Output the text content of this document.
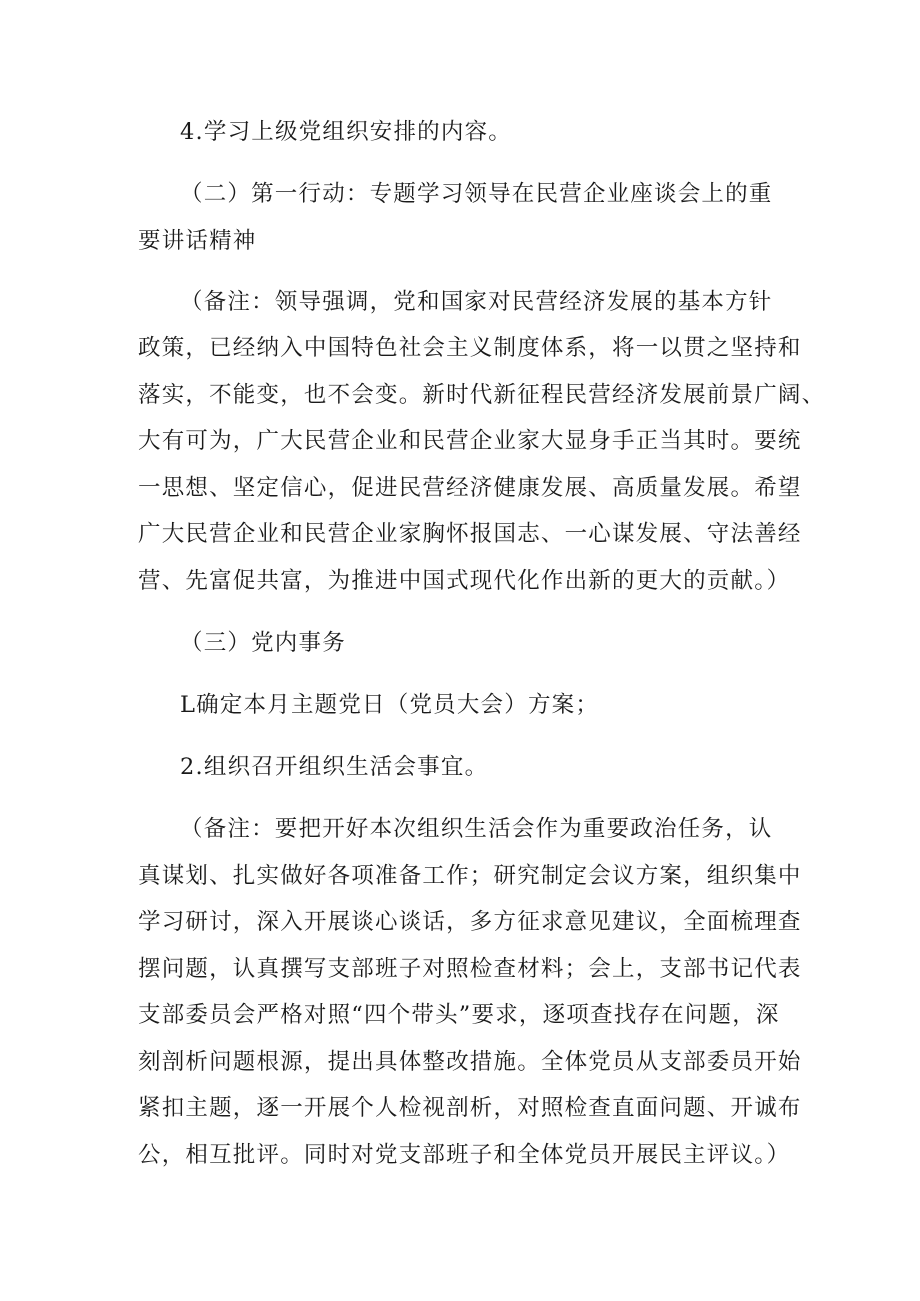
4.学习上级党组织安排的内容。
（二）第一行动：专题学习领导在民营企业座谈会上的重
要讲话精神
（备注：领导强调，党和国家对民营经济发展的基本方针
政策，已经纳入中国特色社会主义制度体系，将一以贯之坚持和
落实，不能变，也不会变。新时代新征程民营经济发展前景广阔、
大有可为，广大民营企业和民营企业家大显身手正当其时。要统
一思想、坚定信心，促进民营经济健康发展、高质量发展。希望
广大民营企业和民营企业家胸怀报国志、一心谋发展、守法善经
营、先富促共富，为推进中国式现代化作出新的更大的贡献。）
（三）党内事务
L确定本月主题党日（党员大会）方案；
2.组织召开组织生活会事宜。
（备注：要把开好本次组织生活会作为重要政治任务，认
真谋划、扎实做好各项准备工作；研究制定会议方案，组织集中
学习研讨，深入开展谈心谈话，多方征求意见建议，全面梳理查
摆问题，认真撰写支部班子对照检查材料；会上，支部书记代表
支部委员会严格对照“四个带头”要求，逐项查找存在问题，深
刻剖析问题根源，提出具体整改措施。全体党员从支部委员开始
紧扣主题，逐一开展个人检视剖析，对照检查直面问题、开诚布
公，相互批评。同时对党支部班子和全体党员开展民主评议。）
